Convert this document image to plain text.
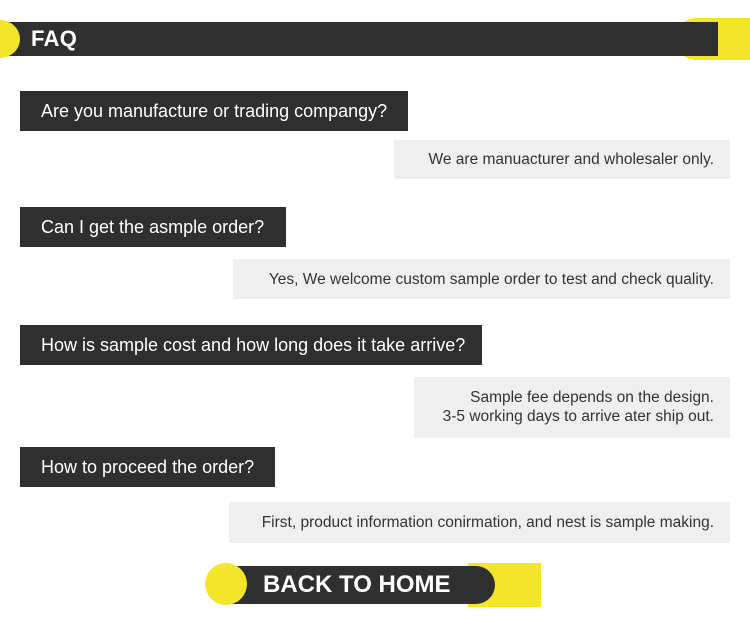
FAQ
Are you manufacture or trading compangy?
We are manuacturer and wholesaler only.
Can I get the asmple order?
Yes, We welcome custom sample order to test and check quality.
How is sample cost and how long does it take arrive?
Sample fee depends on the design.
3-5 working days to arrive ater ship out.
How to proceed the order?
First, product information conirmation, and nest is sample making.
BACK TO HOME
